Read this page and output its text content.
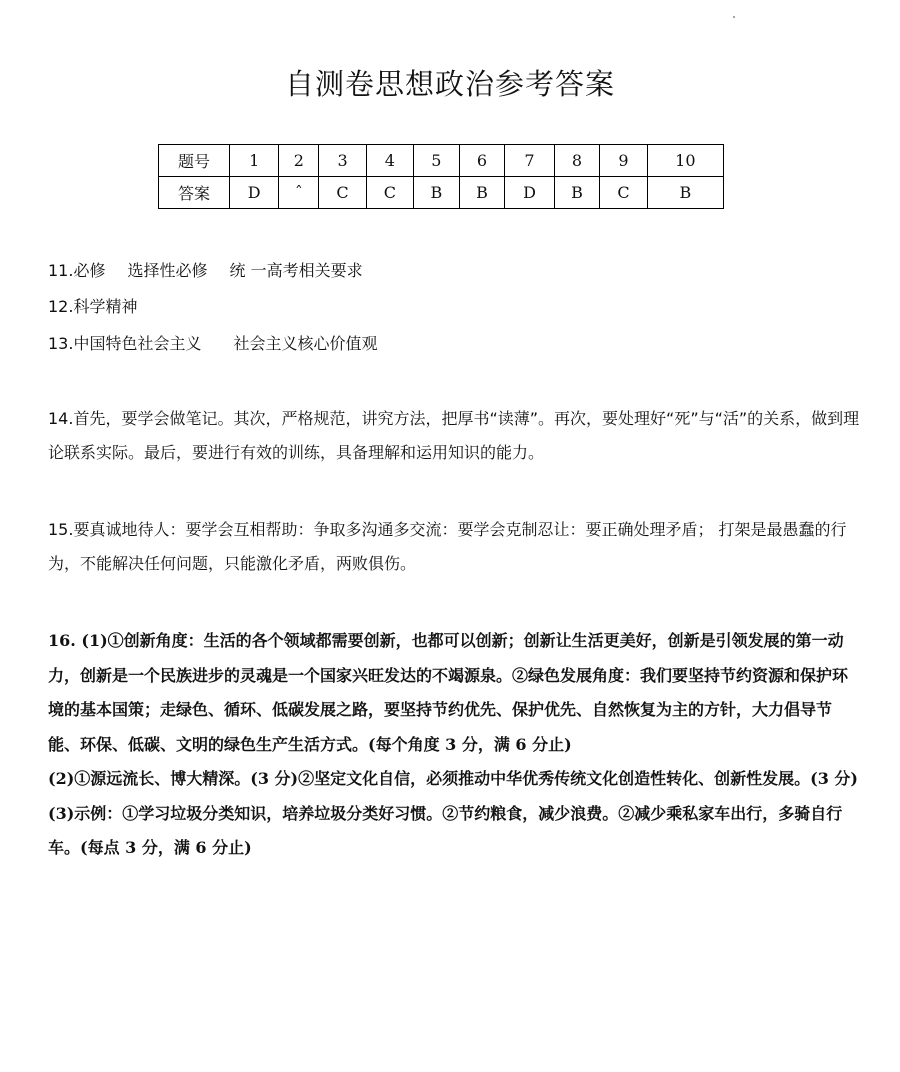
自测卷思想政治参考答案
题号	1	2	3	4	5	6	7	8	9	10
答案	D	ˆ	C	C	B	B	D	B	C	B
11.必修 选择性必修 统 一高考相关要求
12.科学精神
13.中国特色社会主义 社会主义核心价值观
14.首先，要学会做笔记。其次，严格规范，讲究方法，把厚书“读薄”。再次，要处理好“死”与“活”的关系，做到理论联系实际。最后，要进行有效的训练，具备理解和运用知识的能力。
15.要真诚地待人：要学会互相帮助：争取多沟通多交流：要学会克制忍让：要正确处理矛盾； 打架是最愚蠢的行为，不能解决任何问题，只能激化矛盾，两败俱伤。

16. (1)①创新角度：生活的各个领域都需要创新，也都可以创新；创新让生活更美好，创新是引领发展的第一动力，创新是一个民族进步的灵魂是一个国家兴旺发达的不竭源泉。②绿色发展角度：我们要坚持节约资源和保护环境的基本国策；走绿色、循环、低碳发展之路，要坚持节约优先、保护优先、自然恢复为主的方针，大力倡导节能、环保、低碳、文明的绿色生产生活方式。(每个角度 3 分，满 6 分止)

(2)①源远流长、博大精深。(3 分)②坚定文化自信，必须推动中华优秀传统文化创造性转化、创新性发展。(3 分)

(3)示例：①学习垃圾分类知识，培养垃圾分类好习惯。②节约粮食，减少浪费。②减少乘私家车出行，多骑自行车。(每点 3 分，满 6 分止)
